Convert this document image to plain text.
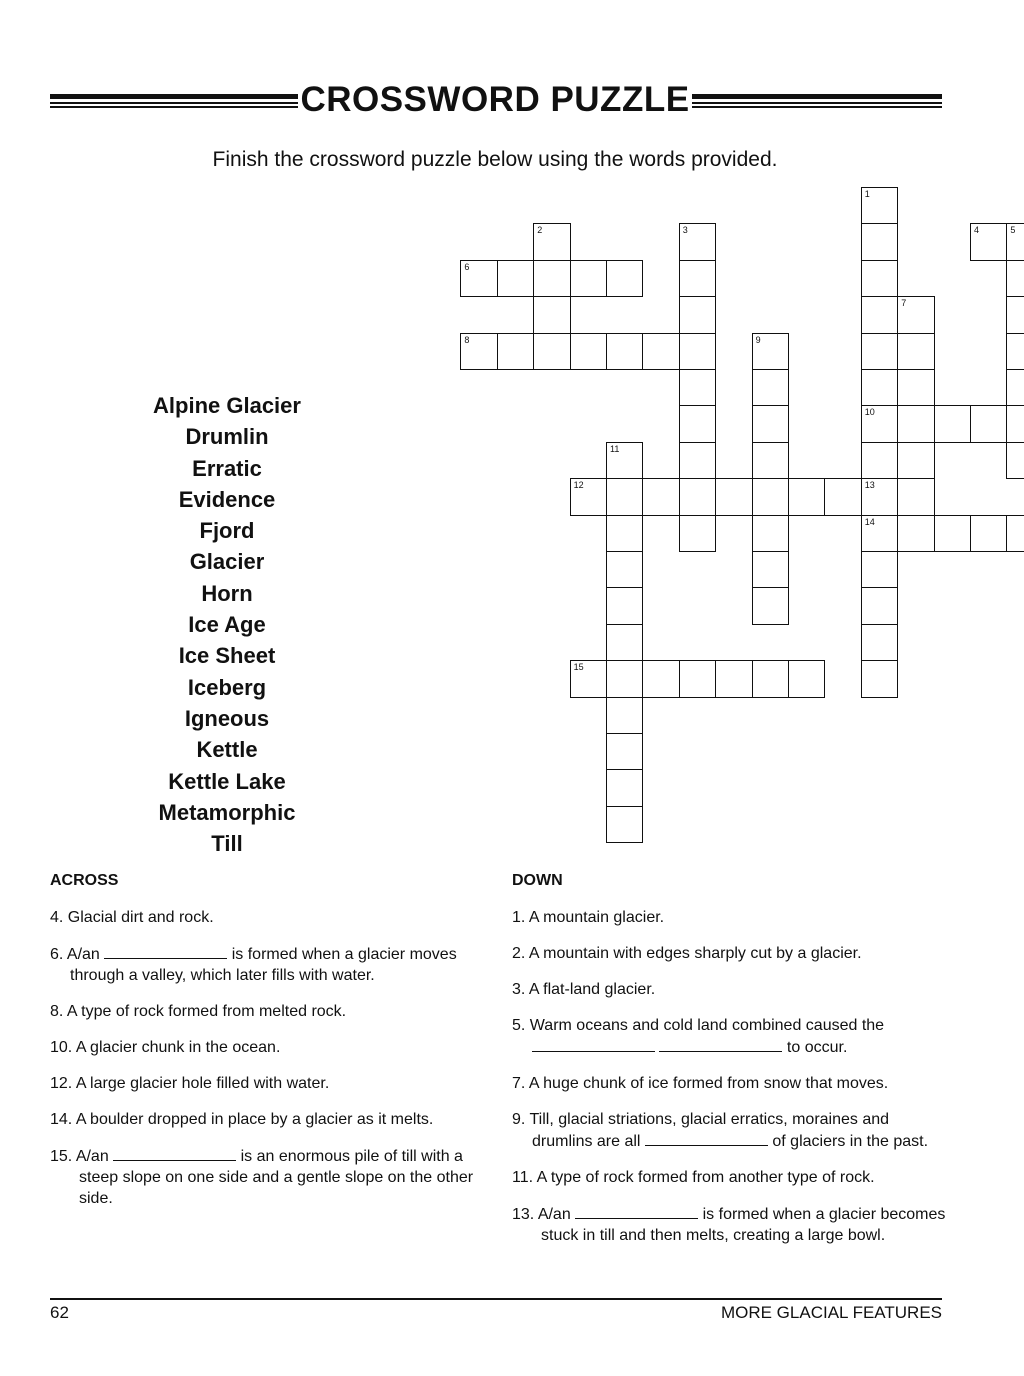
CROSSWORD PUZZLE
Finish the crossword puzzle below using the words provided.
1
2	3	4	5
6
7
8	9
10
11
12	13
14
15
Alpine Glacier
Drumlin
Erratic
Evidence
Fjord
Glacier
Horn
Ice Age
Ice Sheet
Iceberg
Igneous
Kettle
Kettle Lake
Metamorphic
Till
ACROSS	DOWN
4. Glacial dirt and rock.
6. A/an	is formed when a glacier moves through a valley, which later fills with water.
8. A type of rock formed from melted rock.
10. A glacier chunk in the ocean.
12. A large glacier hole filled with water.
14. A boulder dropped in place by a glacier as it melts.
15. A/an	is an enormous pile of till with a steep slope on one side and a gentle slope on the other side.
1. A mountain glacier.
2. A mountain with edges sharply cut by a glacier.
3. A flat-land glacier.
5. Warm oceans and cold land combined caused the   to occur.
7. A huge chunk of ice formed from snow that moves.
9. Till, glacial striations, glacial erratics, moraines and drumlins are all	of glaciers in the past.
11. A type of rock formed from another type of rock.
13. A/an	is formed when a glacier becomes stuck in till and then melts, creating a large bowl.
62	MORE GLACIAL FEATURES
